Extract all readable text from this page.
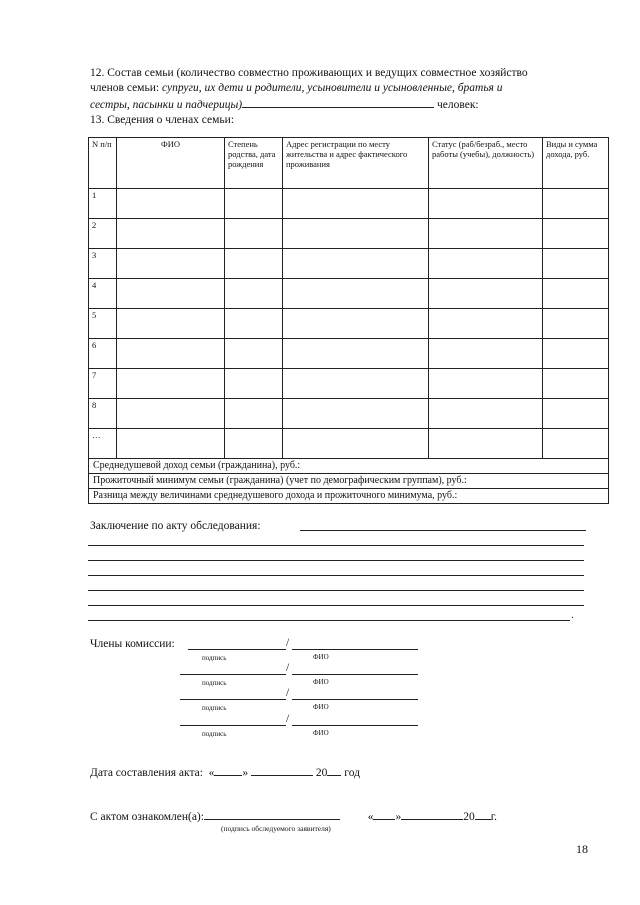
12. Состав семьи (количество совместно проживающих и ведущих совместное хозяйство
членов семьи: супруги, их дети и родители, усыновители и усыновленные, братья и
сестры, пасынки и падчерицы)	человек:
13. Сведения о членах семьи:
N п/п	ФИО	Степень родства, дата рождения	Адрес регистрации по месту жительства и адрес фактического проживания	Статус (раб/безраб., место работы (учебы), должность)	Виды и сумма дохода, руб.
1					
2					
3					
4					
5					
6					
7					
8					
…					
Среднедушевой доход семьи (гражданина), руб.:					
Прожиточный минимум семьи (гражданина) (учет по демографическим группам), руб.:					
Разница между величинами среднедушевого дохода и прожиточного минимума, руб.:					
Заключение по акту обследования:
.
Члены комиссии:	/
подпись	ФИО
/
подпись	ФИО
/
подпись	ФИО
/
подпись	ФИО
Дата составления акта: « »	20 год
С актом ознакомлен(а):	« »	20 г.
(подпись обследуемого заявителя)
18
